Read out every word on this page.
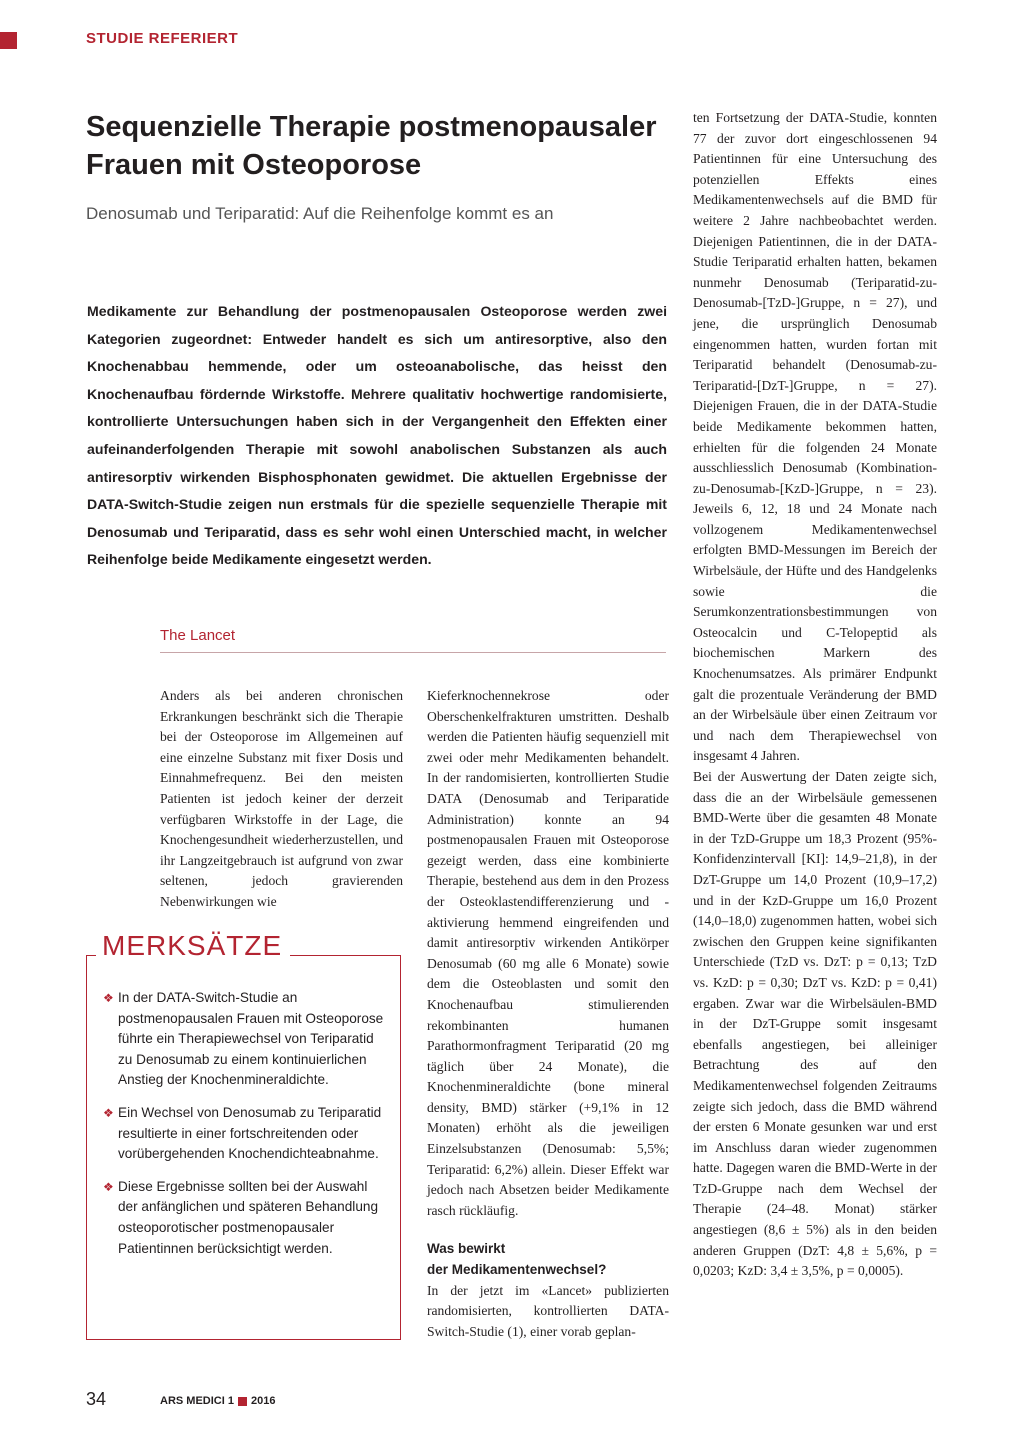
STUDIE REFERIERT
Sequenzielle Therapie postmenopausaler Frauen mit Osteoporose

Denosumab und Teriparatid: Auf die Reihenfolge kommt es an

Medikamente zur Behandlung der postmenopausalen Osteoporose werden zwei Kategorien zugeordnet: Entweder handelt es sich um antiresorptive, also den Knochenabbau hemmende, oder um osteoanabolische, das heisst den Knochenaufbau fördernde Wirkstoffe. Mehrere qualitativ hochwertige randomisierte, kontrollierte Untersuchungen haben sich in der Vergangenheit den Effekten einer aufeinanderfolgenden Therapie mit sowohl anabolischen Substanzen als auch antiresorptiv wirkenden Bisphosphonaten gewidmet. Die aktuellen Ergebnisse der DATA-Switch-Studie zeigen nun erstmals für die spezielle sequenzielle Therapie mit Denosumab und Teriparatid, dass es sehr wohl einen Unterschied macht, in welcher Reihenfolge beide Medikamente eingesetzt werden.

The Lancet

Anders als bei anderen chronischen Erkrankungen beschränkt sich die Therapie bei der Osteoporose im Allgemeinen auf eine einzelne Substanz mit fixer Dosis und Einnahmefrequenz. Bei den meisten Patienten ist jedoch keiner der derzeit verfügbaren Wirkstoffe in der Lage, die Knochengesundheit wiederherzustellen, und ihr Langzeitgebrauch ist aufgrund von zwar seltenen, jedoch gravierenden Nebenwirkungen wie

MERKSÄTZE
❖ In der DATA-Switch-Studie an postmenopausalen Frauen mit Osteoporose führte ein Therapiewechsel von Teriparatid zu Denosumab zu einem kontinuierlichen Anstieg der Knochenmineraldichte.
❖ Ein Wechsel von Denosumab zu Teriparatid resultierte in einer fortschreitenden oder vorübergehenden Knochendichteabnahme.
❖ Diese Ergebnisse sollten bei der Auswahl der anfänglichen und späteren Behandlung osteoporotischer postmenopausaler Patientinnen berücksichtigt werden.

Kieferknochennekrose oder Oberschenkelfrakturen umstritten. Deshalb werden die Patienten häufig sequenziell mit zwei oder mehr Medikamenten behandelt. In der randomisierten, kontrollierten Studie DATA (Denosumab and Teriparatide Administration) konnte an 94 postmenopausalen Frauen mit Osteoporose gezeigt werden, dass eine kombinierte Therapie, bestehend aus dem in den Prozess der Osteoklastendifferenzierung und -aktivierung hemmend eingreifenden und damit antiresorptiv wirkenden Antikörper Denosumab (60 mg alle 6 Monate) sowie dem die Osteoblasten und somit den Knochenaufbau stimulierenden rekombinanten humanen Parathormonfragment Teriparatid (20 mg täglich über 24 Monate), die Knochenmineraldichte (bone mineral density, BMD) stärker (+9,1% in 12 Monaten) erhöht als die jeweiligen Einzelsubstanzen (Denosumab: 5,5%; Teriparatid: 6,2%) allein. Dieser Effekt war jedoch nach Absetzen beider Medikamente rasch rückläufig.

Was bewirkt
der Medikamentenwechsel?

In der jetzt im «Lancet» publizierten randomisierten, kontrollierten DATA-Switch-Studie (1), einer vorab geplan-

ten Fortsetzung der DATA-Studie, konnten 77 der zuvor dort eingeschlossenen 94 Patientinnen für eine Untersuchung des potenziellen Effekts eines Medikamentenwechsels auf die BMD für weitere 2 Jahre nachbeobachtet werden. Diejenigen Patientinnen, die in der DATA-Studie Teriparatid erhalten hatten, bekamen nunmehr Denosumab (Teriparatid-zu-Denosumab-[TzD-]Gruppe, n = 27), und jene, die ursprünglich Denosumab eingenommen hatten, wurden fortan mit Teriparatid behandelt (Denosumab-zu-Teriparatid-[DzT-]Gruppe, n = 27). Diejenigen Frauen, die in der DATA-Studie beide Medikamente bekommen hatten, erhielten für die folgenden 24 Monate ausschliesslich Denosumab (Kombination-zu-Denosumab-[KzD-]Gruppe, n = 23). Jeweils 6, 12, 18 und 24 Monate nach vollzogenem Medikamentenwechsel erfolgten BMD-Messungen im Bereich der Wirbelsäule, der Hüfte und des Handgelenks sowie die Serumkonzentrationsbestimmungen von Osteocalcin und C-Telopeptid als biochemischen Markern des Knochenumsatzes. Als primärer Endpunkt galt die prozentuale Veränderung der BMD an der Wirbelsäule über einen Zeitraum vor und nach dem Therapiewechsel von insgesamt 4 Jahren.

Bei der Auswertung der Daten zeigte sich, dass die an der Wirbelsäule gemessenen BMD-Werte über die gesamten 48 Monate in der TzD-Gruppe um 18,3 Prozent (95%-Konfidenzintervall [KI]: 14,9–21,8), in der DzT-Gruppe um 14,0 Prozent (10,9–17,2) und in der KzD-Gruppe um 16,0 Prozent (14,0–18,0) zugenommen hatten, wobei sich zwischen den Gruppen keine signifikanten Unterschiede (TzD vs. DzT: p = 0,13; TzD vs. KzD: p = 0,30; DzT vs. KzD: p = 0,41) ergaben. Zwar war die Wirbelsäulen-BMD in der DzT-Gruppe somit insgesamt ebenfalls angestiegen, bei alleiniger Betrachtung des auf den Medikamentenwechsel folgenden Zeitraums zeigte sich jedoch, dass die BMD während der ersten 6 Monate gesunken war und erst im Anschluss daran wieder zugenommen hatte. Dagegen waren die BMD-Werte in der TzD-Gruppe nach dem Wechsel der Therapie (24–48. Monat) stärker angestiegen (8,6 ± 5%) als in den beiden anderen Gruppen (DzT: 4,8 ± 5,6%, p = 0,0203; KzD: 3,4 ± 3,5%, p = 0,0005).

34	ARS MEDICI 1 2016
